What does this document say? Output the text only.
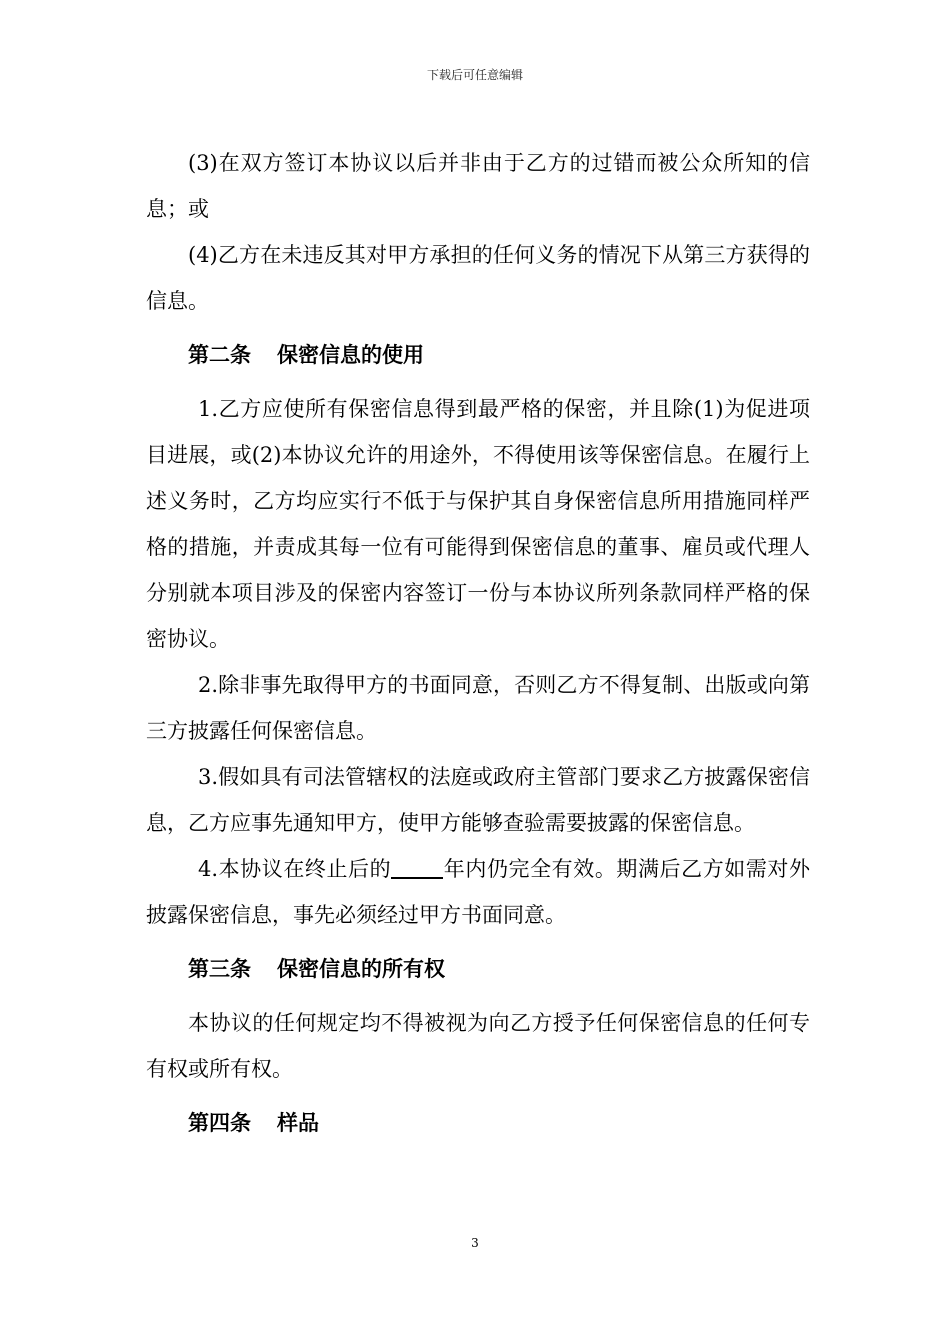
下载后可任意编辑

(3)在双方签订本协议以后并非由于乙方的过错而被公众所知的信息；或

(4)乙方在未违反其对甲方承担的任何义务的情况下从第三方获得的信息。

第二条 保密信息的使用

1.乙方应使所有保密信息得到最严格的保密，并且除(1)为促进项目进展，或(2)本协议允许的用途外，不得使用该等保密信息。在履行上述义务时，乙方均应实行不低于与保护其自身保密信息所用措施同样严格的措施，并责成其每一位有可能得到保密信息的董事、雇员或代理人分别就本项目涉及的保密内容签订一份与本协议所列条款同样严格的保密协议。

2.除非事先取得甲方的书面同意，否则乙方不得复制、出版或向第三方披露任何保密信息。

3.假如具有司法管辖权的法庭或政府主管部门要求乙方披露保密信息，乙方应事先通知甲方，使甲方能够查验需要披露的保密信息。

4.本协议在终止后的 年内仍完全有效。期满后乙方如需对外披露保密信息，事先必须经过甲方书面同意。

第三条 保密信息的所有权

本协议的任何规定均不得被视为向乙方授予任何保密信息的任何专有权或所有权。

第四条 样品
3
